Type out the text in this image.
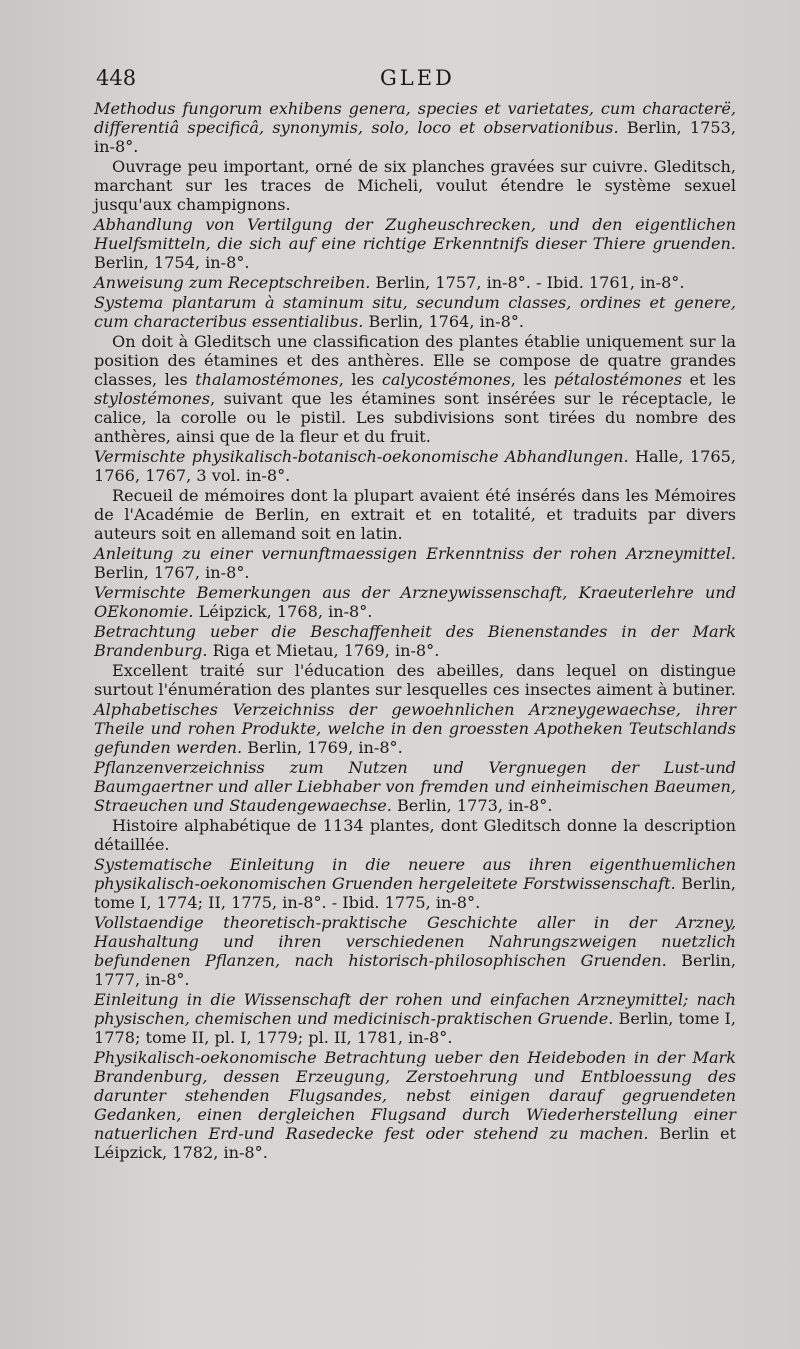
448	GLED
Methodus fungorum exhibens genera, species et varietates, cum characterë, differentiâ specificâ, synonymis, solo, loco et observationibus. Berlin, 1753, in-8°.
Ouvrage peu important, orné de six planches gravées sur cuivre. Gleditsch, marchant sur les traces de Micheli, voulut étendre le système sexuel jusqu'aux champignons.
Abhandlung von Vertilgung der Zugheuschrecken, und den eigentlichen Huelfsmitteln, die sich auf eine richtige Erkenntnifs dieser Thiere gruenden. Berlin, 1754, in-8°.
Anweisung zum Receptschreiben. Berlin, 1757, in-8°. - Ibid. 1761, in-8°.
Systema plantarum à staminum situ, secundum classes, ordines et genere, cum characteribus essentialibus. Berlin, 1764, in-8°.
On doit à Gleditsch une classification des plantes établie uniquement sur la position des étamines et des anthères. Elle se compose de quatre grandes classes, les thalamostémones, les calycostémones, les pétalostémones et les stylostémones, suivant que les étamines sont insérées sur le réceptacle, le calice, la corolle ou le pistil. Les subdivisions sont tirées du nombre des anthères, ainsi que de la fleur et du fruit.
Vermischte physikalisch-botanisch-oekonomische Abhandlungen. Halle, 1765, 1766, 1767, 3 vol. in-8°.
Recueil de mémoires dont la plupart avaient été insérés dans les Mémoires de l'Académie de Berlin, en extrait et en totalité, et traduits par divers auteurs soit en allemand soit en latin.
Anleitung zu einer vernunftmaessigen Erkenntniss der rohen Arzneymittel. Berlin, 1767, in-8°.
Vermischte Bemerkungen aus der Arzneywissenschaft, Kraeuterlehre und OEkonomie. Léipzick, 1768, in-8°.
Betrachtung ueber die Beschaffenheit des Bienenstandes in der Mark Brandenburg. Riga et Mietau, 1769, in-8°.
Excellent traité sur l'éducation des abeilles, dans lequel on distingue surtout l'énumération des plantes sur lesquelles ces insectes aiment à butiner.
Alphabetisches Verzeichniss der gewoehnlichen Arzneygewaechse, ihrer Theile und rohen Produkte, welche in den groessten Apotheken Teutschlands gefunden werden. Berlin, 1769, in-8°.
Pflanzenverzeichniss zum Nutzen und Vergnuegen der Lust-und Baumgaertner und aller Liebhaber von fremden und einheimischen Baeumen, Straeuchen und Staudengewaechse. Berlin, 1773, in-8°.
Histoire alphabétique de 1134 plantes, dont Gleditsch donne la description détaillée.
Systematische Einleitung in die neuere aus ihren eigenthuemlichen physikalisch-oekonomischen Gruenden hergeleitete Forstwissenschaft. Berlin, tome I, 1774; II, 1775, in-8°. - Ibid. 1775, in-8°.
Vollstaendige theoretisch-praktische Geschichte aller in der Arzney, Haushaltung und ihren verschiedenen Nahrungszweigen nuetzlich befundenen Pflanzen, nach historisch-philosophischen Gruenden. Berlin, 1777, in-8°.
Einleitung in die Wissenschaft der rohen und einfachen Arzneymittel; nach physischen, chemischen und medicinisch-praktischen Gruende. Berlin, tome I, 1778; tome II, pl. I, 1779; pl. II, 1781, in-8°.
Physikalisch-oekonomische Betrachtung ueber den Heideboden in der Mark Brandenburg, dessen Erzeugung, Zerstoehrung und Entbloessung des darunter stehenden Flugsandes, nebst einigen darauf gegruendeten Gedanken, einen dergleichen Flugsand durch Wiederherstellung einer natuerlichen Erd-und Rasedecke fest oder stehend zu machen. Berlin et Léipzick, 1782, in-8°.
